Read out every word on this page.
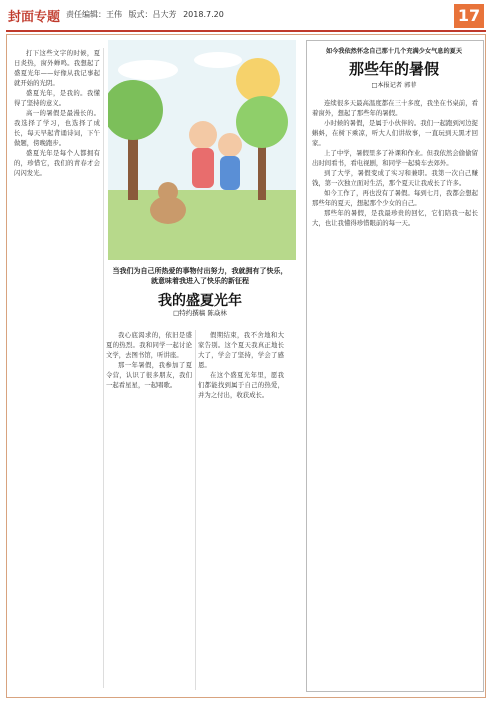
封面专题 责任编辑：王伟 版式：吕大芳 2018.7.20	17
当我们为自己所热爱的事物付出努力，我就拥有了快乐，就意味着我进入了快乐的新征程
我的盛夏光年
□特约撰稿 陈焱林

打下这些文字的时候，夏日炎热，窗外蝉鸣。我想起了盛夏光年——好像从我记事起就开始的光阴。

盛夏光年，是我的。我懂得了坚持的意义。

高一的暑假是最漫长的。我选择了学习，也选择了成长，每天早起背诵诗词，下午做题，傍晚跑步。

盛夏光年是每个人都拥有的，珍惜它，我们的青春才会闪闪发光。

我心底渴求的，依旧是盛夏的热烈。我和同学一起讨论文学，去图书馆，听讲座。

那一年暑假，我参加了夏令营，认识了很多朋友，我们一起看星星，一起唱歌。

假期结束，我不舍地和大家告别。这个夏天我真正地长大了，学会了坚持，学会了感恩。

在这个盛夏光年里，愿我们都能找到属于自己的热爱，并为之付出，收获成长。

如今我依然怀念自己那十几个充满少女气息的夏天
那些年的暑假
□本报记者 郭菲

连续很多天最高温度都在三十多度，我坐在书桌前，看着窗外，想起了那些年的暑假。

小时候的暑假，是属于小伙伴的。我们一起跑到河边捉蝌蚪，在树下乘凉，听大人们讲故事，一直玩到天黑才回家。

上了中学，暑假里多了补课和作业。但我依然会偷偷留出时间看书，看电视剧，和同学一起骑车去郊外。

到了大学，暑假变成了实习和兼职。我第一次自己赚钱，第一次独立面对生活，那个夏天让我成长了许多。

如今工作了，再也没有了暑假。每到七月，我都会想起那些年的夏天，想起那个少女的自己。

那些年的暑假，是我最珍贵的回忆，它们陪我一起长大，也让我懂得珍惜眼前的每一天。
